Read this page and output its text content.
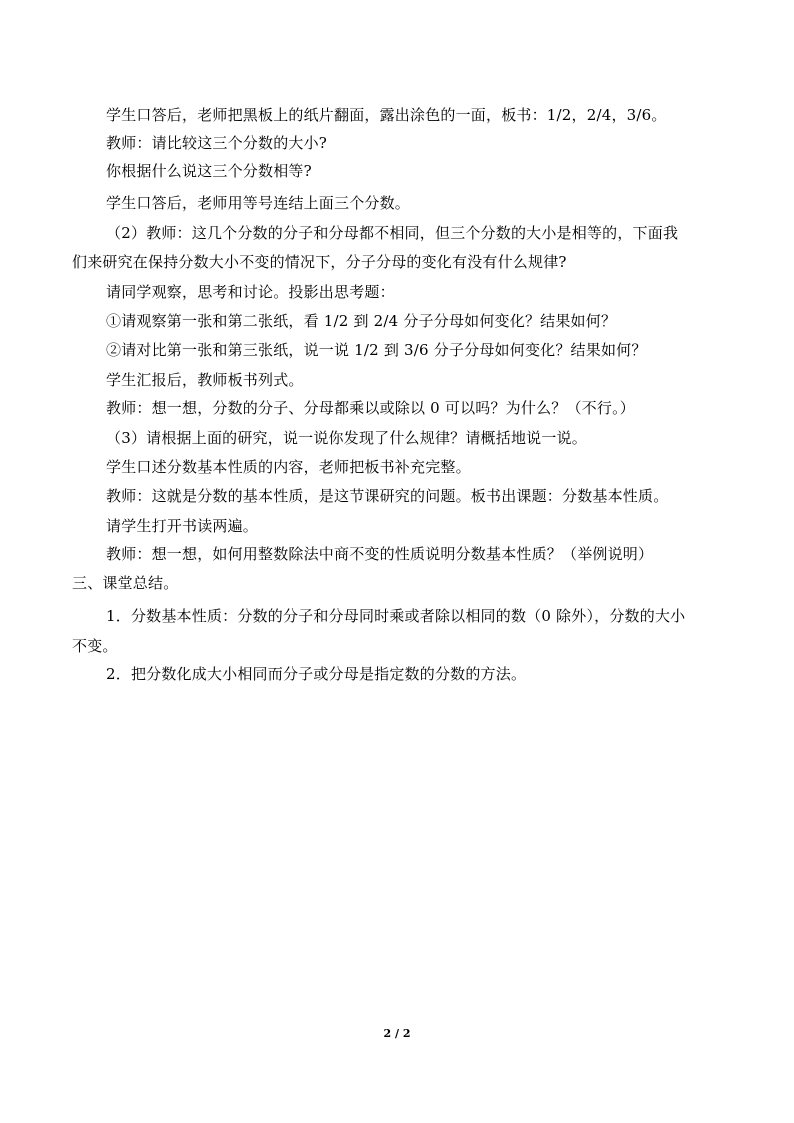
学生口答后，老师把黑板上的纸片翻面，露出涂色的一面，板书：1/2，2/4，3/6。
教师：请比较这三个分数的大小?
你根据什么说这三个分数相等?
学生口答后，老师用等号连结上面三个分数。
（2）教师：这几个分数的分子和分母都不相同，但三个分数的大小是相等的，下面我
们来研究在保持分数大小不变的情况下，分子分母的变化有没有什么规律?
请同学观察，思考和讨论。投影出思考题：
①请观察第一张和第二张纸，看 1/2 到 2/4 分子分母如何变化？结果如何？
②请对比第一张和第三张纸，说一说 1/2 到 3/6 分子分母如何变化？结果如何？
学生汇报后，教师板书列式。
教师：想一想，分数的分子、分母都乘以或除以 0 可以吗？为什么？（不行。）
（3）请根据上面的研究，说一说你发现了什么规律？请概括地说一说。
学生口述分数基本性质的内容，老师把板书补充完整。
教师：这就是分数的基本性质，是这节课研究的问题。板书出课题：分数基本性质。
请学生打开书读两遍。
教师：想一想，如何用整数除法中商不变的性质说明分数基本性质？（举例说明）
三、课堂总结。
1．分数基本性质：分数的分子和分母同时乘或者除以相同的数（0 除外），分数的大小
不变。
2．把分数化成大小相同而分子或分母是指定数的分数的方法。
2 / 2
